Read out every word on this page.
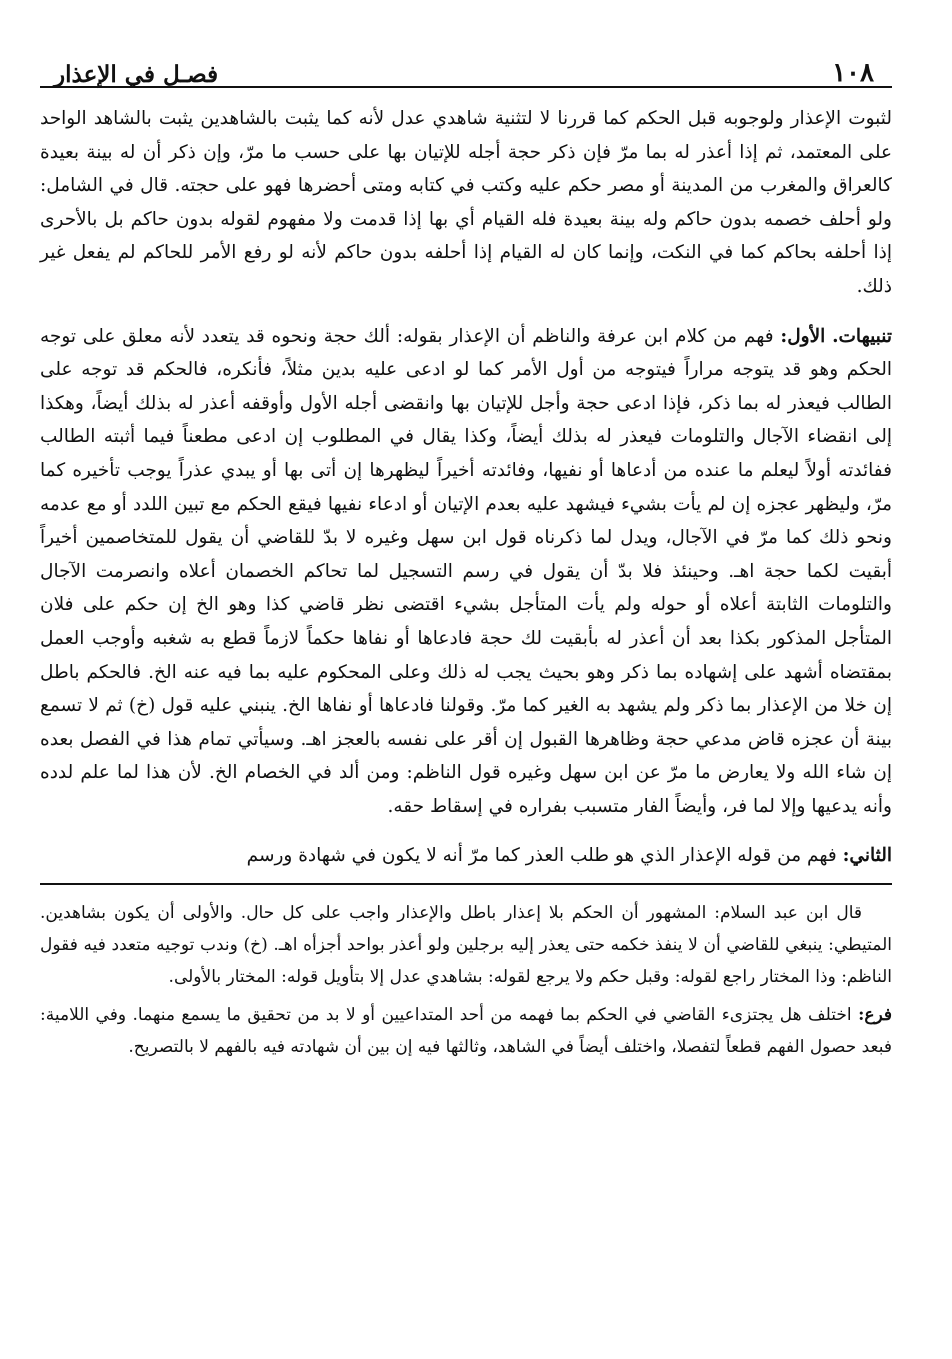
١٠٨
فصـل في الإعذار

لثبوت الإعذار ولوجوبه قبل الحكم كما قررنا لا لتثنية شاهدي عدل لأنه كما يثبت بالشاهدين يثبت بالشاهد الواحد على المعتمد، ثم إذا أعذر له بما مرّ فإن ذكر حجة أجله للإتيان بها على حسب ما مرّ، وإن ذكر أن له بينة بعيدة كالعراق والمغرب من المدينة أو مصر حكم عليه وكتب في كتابه ومتى أحضرها فهو على حجته. قال في الشامل: ولو أحلف خصمه بدون حاكم وله بينة بعيدة فله القيام أي بها إذا قدمت ولا مفهوم لقوله بدون حاكم بل بالأحرى إذا أحلفه بحاكم كما في النكت، وإنما كان له القيام إذا أحلفه بدون حاكم لأنه لو رفع الأمر للحاكم لم يفعل غير ذلك.

تنبيهات. الأول: فهم من كلام ابن عرفة والناظم أن الإعذار بقوله: ألك حجة ونحوه قد يتعدد لأنه معلق على توجه الحكم وهو قد يتوجه مراراً فيتوجه من أول الأمر كما لو ادعى عليه بدين مثلاً، فأنكره، فالحكم قد توجه على الطالب فيعذر له بما ذكر، فإذا ادعى حجة وأجل للإتيان بها وانقضى أجله الأول وأوقفه أعذر له بذلك أيضاً، وهكذا إلى انقضاء الآجال والتلومات فيعذر له بذلك أيضاً، وكذا يقال في المطلوب إن ادعى مطعناً فيما أثبته الطالب ففائدته أولاً ليعلم ما عنده من أدعاها أو نفيها، وفائدته أخيراً ليظهرها إن أتى بها أو يبدي عذراً يوجب تأخيره كما مرّ، وليظهر عجزه إن لم يأت بشيء فيشهد عليه بعدم الإتيان أو ادعاء نفيها فيقع الحكم مع تبين اللدد أو مع عدمه ونحو ذلك كما مرّ في الآجال، ويدل لما ذكرناه قول ابن سهل وغيره لا بدّ للقاضي أن يقول للمتخاصمين أخيراً أبقيت لكما حجة اهـ. وحينئذ فلا بدّ أن يقول في رسم التسجيل لما تحاكم الخصمان أعلاه وانصرمت الآجال والتلومات الثابتة أعلاه أو حوله ولم يأت المتأجل بشيء اقتضى نظر قاضي كذا وهو الخ إن حكم على فلان المتأجل المذكور بكذا بعد أن أعذر له بأبقيت لك حجة فادعاها أو نفاها حكماً لازماً قطع به شغبه وأوجب العمل بمقتضاه أشهد على إشهاده بما ذكر وهو بحيث يجب له ذلك وعلى المحكوم عليه بما فيه عنه الخ. فالحكم باطل إن خلا من الإعذار بما ذكر ولم يشهد به الغير كما مرّ. وقولنا فادعاها أو نفاها الخ. ينبني عليه قول (خ) ثم لا تسمع بينة أن عجزه قاض مدعي حجة وظاهرها القبول إن أقر على نفسه بالعجز اهـ. وسيأتي تمام هذا في الفصل بعده إن شاء الله ولا يعارض ما مرّ عن ابن سهل وغيره قول الناظم: ومن ألد في الخصام الخ. لأن هذا لما علم لدده وأنه يدعيها وإلا لما فر، وأيضاً الفار متسبب بفراره في إسقاط حقه.

الثاني: فهم من قوله الإعذار الذي هو طلب العذر كما مرّ أنه لا يكون في شهادة ورسم

قال ابن عبد السلام: المشهور أن الحكم بلا إعذار باطل والإعذار واجب على كل حال. والأولى أن يكون بشاهدين. المتيطي: ينبغي للقاضي أن لا ينفذ خكمه حتى يعذر إليه برجلين ولو أعذر بواحد أجزأه اهـ. (خ) وندب توجيه متعدد فيه فقول الناظم: وذا المختار راجع لقوله: وقبل حكم ولا يرجع لقوله: بشاهدي عدل إلا بتأويل قوله: المختار بالأولى.

فرع: اختلف هل يجتزىء القاضي في الحكم بما فهمه من أحد المتداعيين أو لا بد من تحقيق ما يسمع منهما. وفي اللامية: فبعد حصول الفهم قطعاً لتفصلا، واختلف أيضاً في الشاهد، وثالثها فيه إن بين أن شهادته فيه بالفهم لا بالتصريح.
